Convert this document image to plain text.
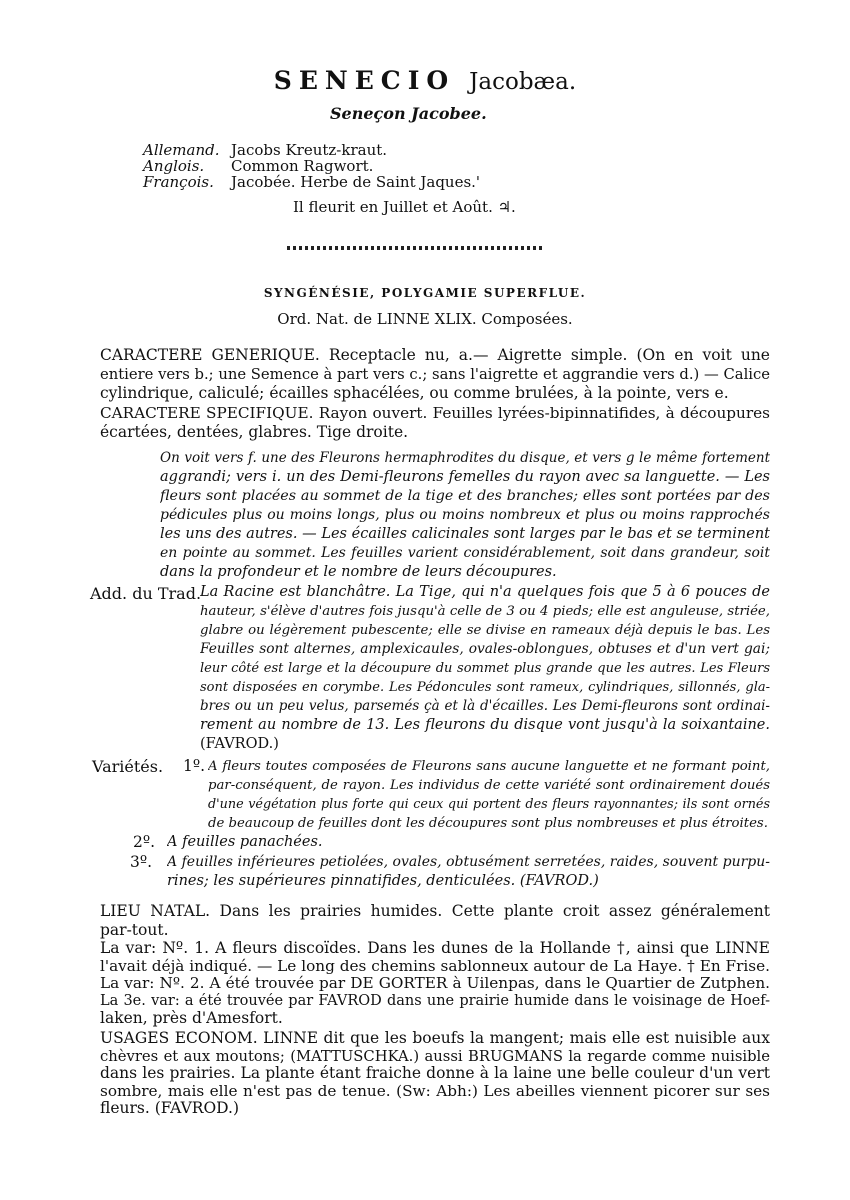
SENECIO Jacobæa.
Seneçon Jacobee.
Allemand. Jacobs Kreutz-kraut.
Anglois. Common Ragwort.
François. Jacobée. Herbe de Saint Jaques.'
Il fleurit en Juillet et Août. ♃.
SYNGÉNÉSIE, POLYGAMIE SUPERFLUE.
Ord. Nat. de LINNE XLIX. Composées.
CARACTERE GENERIQUE. Receptacle nu, a.— Aigrette simple. (On en voit une
entiere vers b.; une Semence à part vers c.; sans l'aigrette et aggrandie vers d.) — Calice
cylindrique, caliculé; écailles sphacélées, ou comme brulées, à la pointe, vers e.
CARACTERE SPECIFIQUE. Rayon ouvert. Feuilles lyrées-bipinnatifides, à découpures
écartées, dentées, glabres. Tige droite.
On voit vers f. une des Fleurons hermaphrodites du disque, et vers g le même fortement
aggrandi; vers i. un des Demi-fleurons femelles du rayon avec sa languette. — Les
fleurs sont placées au sommet de la tige et des branches; elles sont portées par des
pédicules plus ou moins longs, plus ou moins nombreux et plus ou moins rapprochés
les uns des autres. — Les écailles calicinales sont larges par le bas et se terminent
en pointe au sommet. Les feuilles varient considérablement, soit dans grandeur, soit
dans la profondeur et le nombre de leurs découpures.
Add. du Trad.
La Racine est blanchâtre. La Tige, qui n'a quelques fois que 5 à 6 pouces de
hauteur, s'élève d'autres fois jusqu'à celle de 3 ou 4 pieds; elle est anguleuse, striée,
glabre ou légèrement pubescente; elle se divise en rameaux déjà depuis le bas. Les
Feuilles sont alternes, amplexicaules, ovales-oblongues, obtuses et d'un vert gai;
leur côté est large et la découpure du sommet plus grande que les autres. Les Fleurs
sont disposées en corymbe. Les Pédoncules sont rameux, cylindriques, sillonnés, gla-
bres ou un peu velus, parsemés çà et là d'écailles. Les Demi-fleurons sont ordinai-
rement au nombre de 13. Les fleurons du disque vont jusqu'à la soixantaine.
(FAVROD.)
Variétés. 1º. A fleurs toutes composées de Fleurons sans aucune languette et ne formant point,
par-conséquent, de rayon. Les individus de cette variété sont ordinairement doués
d'une végétation plus forte qui ceux qui portent des fleurs rayonnantes; ils sont ornés
de beaucoup de feuilles dont les découpures sont plus nombreuses et plus étroites.
2º. A feuilles panachées.
3º. A feuilles inférieures petiolées, ovales, obtusément serretées, raides, souvent purpu-
rines; les supérieures pinnatifides, denticulées. (FAVROD.)
LIEU NATAL. Dans les prairies humides. Cette plante croit assez généralement
par-tout.
La var: Nº. 1. A fleurs discoïdes. Dans les dunes de la Hollande †, ainsi que LINNE
l'avait déjà indiqué. — Le long des chemins sablonneux autour de La Haye. † En Frise.
La var: Nº. 2. A été trouvée par DE GORTER à Uilenpas, dans le Quartier de Zutphen.
La 3e. var: a été trouvée par FAVROD dans une prairie humide dans le voisinage de Hoef-
laken, près d'Amesfort.
USAGES ECONOM. LINNE dit que les boeufs la mangent; mais elle est nuisible aux
chèvres et aux moutons; (MATTUSCHKA.) aussi BRUGMANS la regarde comme nuisible
dans les prairies. La plante étant fraiche donne à la laine une belle couleur d'un vert
sombre, mais elle n'est pas de tenue. (Sw: Abh:) Les abeilles viennent picorer sur ses
fleurs. (FAVROD.)
